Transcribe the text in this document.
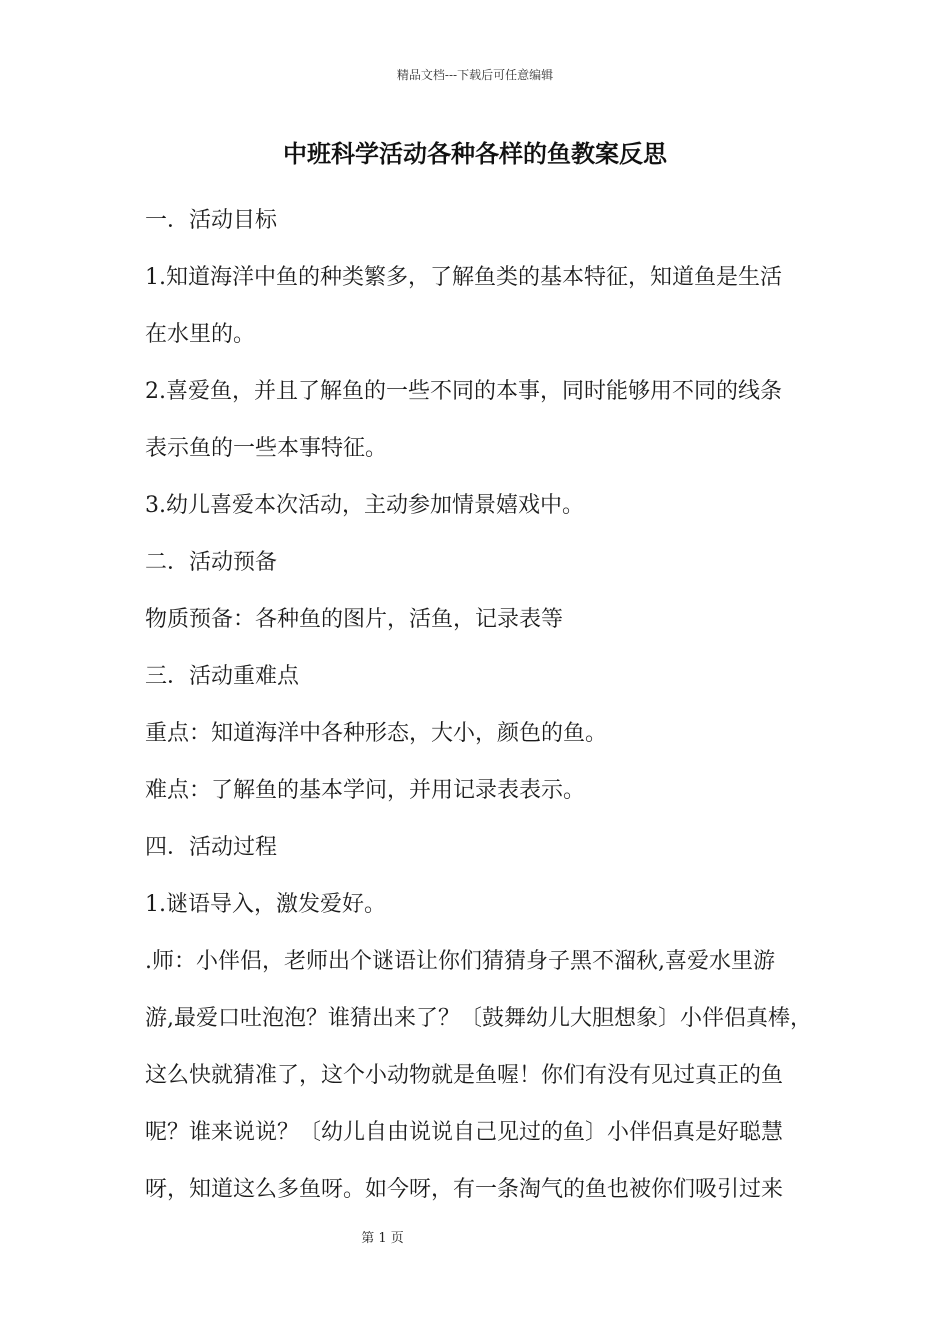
精品文档---下载后可任意编辑
中班科学活动各种各样的鱼教案反思
一．活动目标
1.知道海洋中鱼的种类繁多，了解鱼类的基本特征，知道鱼是生活
在水里的。
2.喜爱鱼，并且了解鱼的一些不同的本事，同时能够用不同的线条
表示鱼的一些本事特征。
3.幼儿喜爱本次活动，主动参加情景嬉戏中。
二．活动预备
物质预备：各种鱼的图片，活鱼，记录表等
三．活动重难点
重点：知道海洋中各种形态，大小，颜色的鱼。
难点：了解鱼的基本学问，并用记录表表示。
四．活动过程
1.谜语导入，激发爱好。
.师：小伴侣，老师出个谜语让你们猜猜身子黑不溜秋,喜爱水里游
游,最爱口吐泡泡？谁猜出来了？〔鼓舞幼儿大胆想象〕小伴侣真棒，
这么快就猜准了，这个小动物就是鱼喔！你们有没有见过真正的鱼
呢？谁来说说？〔幼儿自由说说自己见过的鱼〕小伴侣真是好聪慧
呀，知道这么多鱼呀。如今呀，有一条淘气的鱼也被你们吸引过来
第 1 页
